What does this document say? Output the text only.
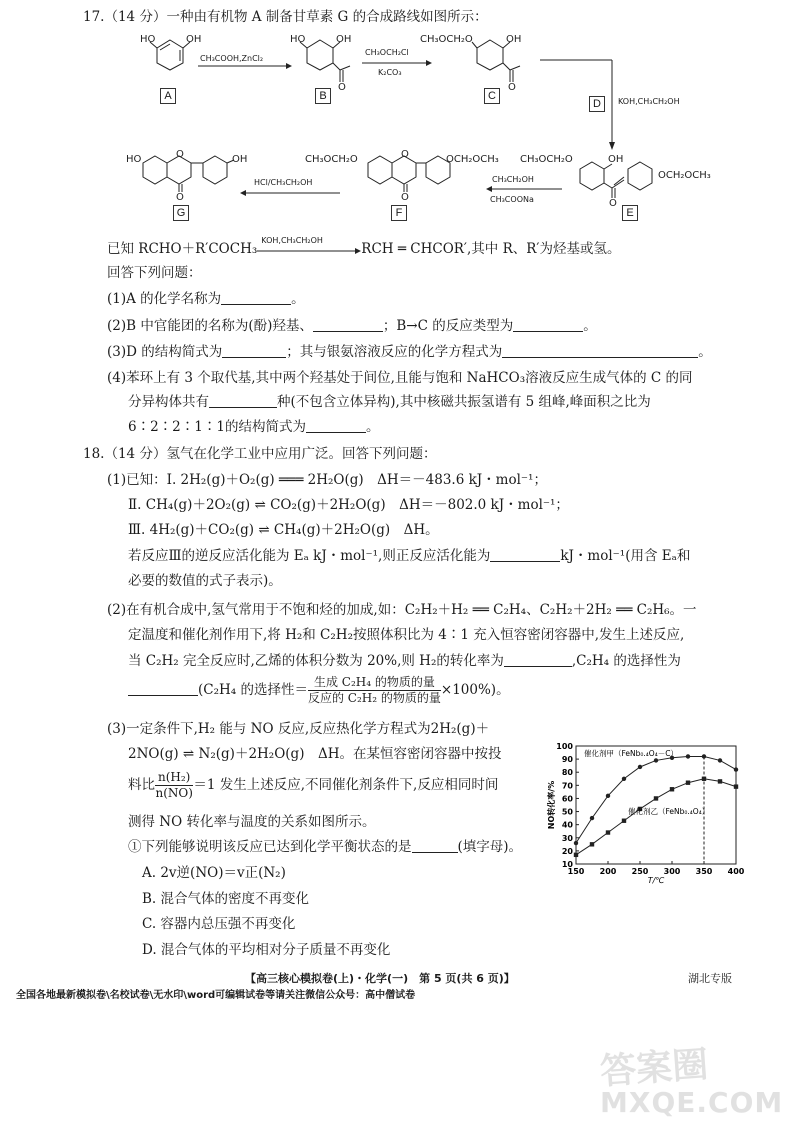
17.（14 分）一种由有机物 A 制备甘草素 G 的合成路线如图所示：
HO	OH
A
CH₃COOH,ZnCl₂
HO	OH
O
B
CH₃OCH₂Cl
K₂CO₃
CH₃OCH₂O	OH
O
C
D	KOH,CH₃CH₂OH
HO	O
O
OH
G
HCl/CH₃CH₂OH
CH₃OCH₂O	O
O
OCH₂OCH₃
F
CH₃CH₂OH
CH₃COONa
CH₃OCH₂O	OH
O
OCH₂OCH₃
E
已知 RCHO＋R′COCH₃
KOH,CH₃CH₂OH
RCH ═ CHCOR′,其中 R、R′为烃基或氢。
回答下列问题：
(1)A 的化学名称为	。
(2)B 中官能团的名称为(酚)羟基、	；B→C 的反应类型为	。
(3)D 的结构简式为	；其与银氨溶液反应的化学方程式为	。
(4)苯环上有 3 个取代基,其中两个羟基处于间位,且能与饱和 NaHCO₃溶液反应生成气体的 C 的同
分异构体共有	种(不包含立体异构),其中核磁共振氢谱有 5 组峰,峰面积之比为
6∶2∶2∶1∶1的结构简式为	。
18.（14 分）氢气在化学工业中应用广泛。回答下列问题：
(1)已知：Ⅰ. 2H₂(g)＋O₂(g) ═══ 2H₂O(g)　ΔH＝－483.6 kJ・mol⁻¹；
Ⅱ. CH₄(g)＋2O₂(g) ⇌ CO₂(g)＋2H₂O(g)　ΔH＝－802.0 kJ・mol⁻¹；
Ⅲ. 4H₂(g)＋CO₂(g) ⇌ CH₄(g)＋2H₂O(g)　ΔH。
若反应Ⅲ的逆反应活化能为 Eₐ kJ・mol⁻¹,则正反应活化能为	kJ・mol⁻¹(用含 Eₐ和
必要的数值的式子表示)。
(2)在有机合成中,氢气常用于不饱和烃的加成,如：C₂H₂＋H₂ ══ C₂H₄、C₂H₂＋2H₂ ══ C₂H₆。一
定温度和催化剂作用下,将 H₂和 C₂H₂按照体积比为 4∶1 充入恒容密闭容器中,发生上述反应,
当 C₂H₂ 完全反应时,乙烯的体积分数为 20%,则 H₂的转化率为	,C₂H₄ 的选择性为
(C₂H₄ 的选择性＝ $\frac{\text{生成 C₂H₄ 的物质的量}}{\text{反应的 C₂H₂ 的物质的量}} \times 100\%$)。
(3)一定条件下,H₂ 能与 NO 反应,反应热化学方程式为2H₂(g)＋
2NO(g) ⇌ N₂(g)＋2H₂O(g)　ΔH。在某恒容密闭容器中按投
料比 $\frac{\text{n(H₂)}}{n(NO)} =1$ 发生上述反应,不同催化剂条件下,反应相同时间
测得 NO 转化率与温度的关系如图所示。
①下列能够说明该反应已达到化学平衡状态的是	(填字母)。
A. 2v逆(NO)＝v正(N₂)
B. 混合气体的密度不再变化
C. 容器内总压强不再变化
D. 混合气体的平均相对分子质量不再变化
150 200 250 300 350 400
10
20
30
40
50
60
70
80
90
100
T/℃
NO转化率/%
催化剂甲（FeNb₀.₄O₄－C）
催化剂乙（FeNb₀.₄O₄）
答案圈
MXQE.COM
【高三核心模拟卷(上)・化学(一)　第 5 页(共 6 页)】	湖北专版
全国各地最新模拟卷\名校试卷\无水印\word可编辑试卷等请关注微信公众号：高中僧试卷
